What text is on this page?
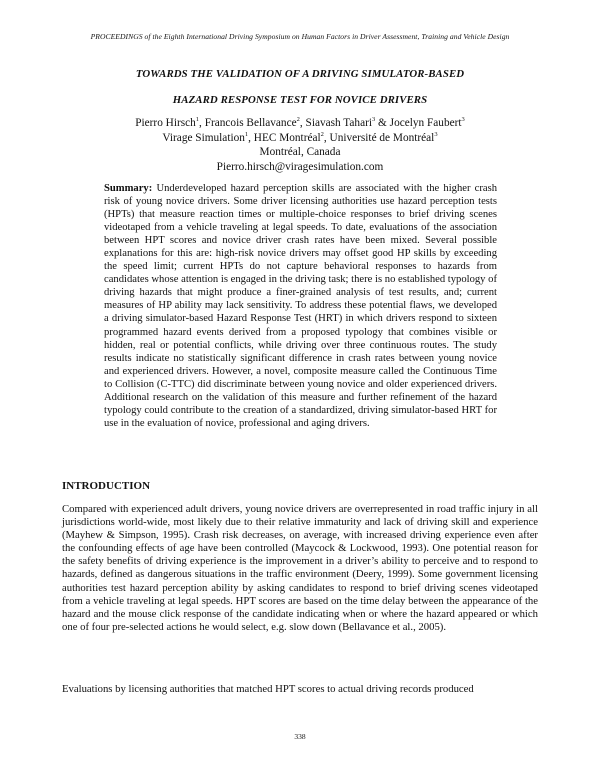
PROCEEDINGS of the Eighth International Driving Symposium on Human Factors in Driver Assessment, Training and Vehicle Design
TOWARDS THE VALIDATION OF A DRIVING SIMULATOR-BASED
HAZARD RESPONSE TEST FOR NOVICE DRIVERS
Pierro Hirsch$^1$, Francois Bellavance$^2$, Siavash Tahari$^3$ & Jocelyn Faubert$^3$
Virage Simulation$^1$, HEC Montréal$^2$, Université de Montréal$^3$
Montréal, Canada
Pierro.hirsch@viragesimulation.com
Summary: Underdeveloped hazard perception skills are associated with the higher crash risk of young novice drivers. Some driver licensing authorities use hazard perception tests (HPTs) that measure reaction times or multiple-choice responses to brief driving scenes videotaped from a vehicle traveling at legal speeds. To date, evaluations of the association between HPT scores and novice driver crash rates have been mixed. Several possible explanations for this are: high-risk novice drivers may offset good HP skills by exceeding the speed limit; current HPTs do not capture behavioral responses to hazards from candidates whose attention is engaged in the driving task; there is no established typology of driving hazards that might produce a finer-grained analysis of test results, and; current measures of HP ability may lack sensitivity. To address these potential flaws, we developed a driving simulator-based Hazard Response Test (HRT) in which drivers respond to sixteen programmed hazard events derived from a proposed typology that combines visible or hidden, real or potential conflicts, while driving over three continuous routes. The study results indicate no statistically significant difference in crash rates between young novice and experienced drivers. However, a novel, composite measure called the Continuous Time to Collision (C-TTC) did discriminate between young novice and older experienced drivers. Additional research on the validation of this measure and further refinement of the hazard typology could contribute to the creation of a standardized, driving simulator-based HRT for use in the evaluation of novice, professional and aging drivers.
INTRODUCTION
Compared with experienced adult drivers, young novice drivers are overrepresented in road traffic injury in all jurisdictions world-wide, most likely due to their relative immaturity and lack of driving skill and experience (Mayhew & Simpson, 1995). Crash risk decreases, on average, with increased driving experience even after the confounding effects of age have been controlled (Maycock & Lockwood, 1993). One potential reason for the safety benefits of driving experience is the improvement in a driver’s ability to perceive and to respond to hazards, defined as dangerous situations in the traffic environment (Deery, 1999). Some government licensing authorities test hazard perception ability by asking candidates to respond to brief driving scenes videotaped from a vehicle traveling at legal speeds. HPT scores are based on the time delay between the appearance of the hazard and the mouse click response of the candidate indicating when or where the hazard appeared or which one of four pre-selected actions he would select, e.g. slow down (Bellavance et al., 2005).
Evaluations by licensing authorities that matched HPT scores to actual driving records produced
338
